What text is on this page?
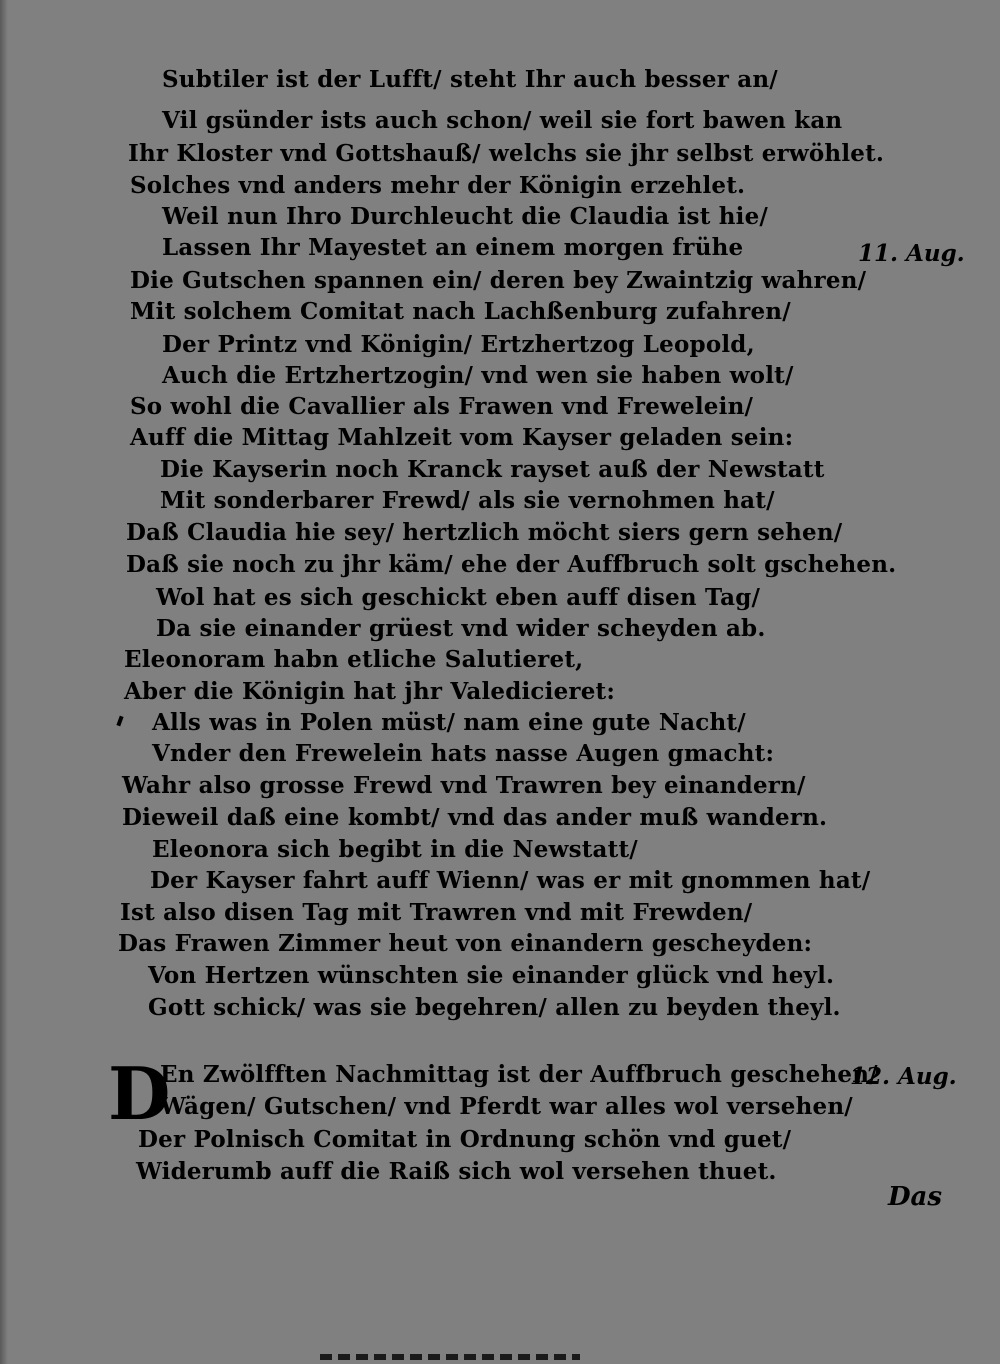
Subtiler ist der Lufft/ steht Ihr auch besser an/
Vil gsünder ists auch schon/ weil sie fort bawen kan
Ihr Kloster vnd Gottshauß/ welchs sie jhr selbst erwöhlet.
Solches vnd anders mehr der Königin erzehlet.
Weil nun Ihro Durchleucht die Claudia ist hie/
Lassen Ihr Mayestet an einem morgen frühe
Die Gutschen spannen ein/ deren bey Zwaintzig wahren/
Mit solchem Comitat nach Lachßenburg zufahren/
Der Printz vnd Königin/ Ertzhertzog Leopold,
Auch die Ertzhertzogin/ vnd wen sie haben wolt/
So wohl die Cavallier als Frawen vnd Frewelein/
Auff die Mittag Mahlzeit vom Kayser geladen sein:
Die Kayserin noch Kranck rayset auß der Newstatt
Mit sonderbarer Frewd/ als sie vernohmen hat/
Daß Claudia hie sey/ hertzlich möcht siers gern sehen/
Daß sie noch zu jhr käm/ ehe der Auffbruch solt gschehen.
Wol hat es sich geschickt eben auff disen Tag/
Da sie einander grüest vnd wider scheyden ab.
Eleonoram habn etliche Salutieret,
Aber die Königin hat jhr Valedicieret:
Alls was in Polen müst/ nam eine gute Nacht/
Vnder den Frewelein hats nasse Augen gmacht:
Wahr also grosse Frewd vnd Trawren bey einandern/
Dieweil daß eine kombt/ vnd das ander muß wandern.
Eleonora sich begibt in die Newstatt/
Der Kayser fahrt auff Wienn/ was er mit gnommen hat/
Ist also disen Tag mit Trawren vnd mit Frewden/
Das Frawen Zimmer heut von einandern gescheyden:
Von Hertzen wünschten sie einander glück vnd heyl.
Gott schick/ was sie begehren/ allen zu beyden theyl.
D
En Zwölfften Nachmittag ist der Auffbruch geschehen/
Wägen/ Gutschen/ vnd Pferdt war alles wol versehen/
Der Polnisch Comitat in Ordnung schön vnd guet/
Widerumb auff die Raiß sich wol versehen thuet.
11. Aug.
12. Aug.
Das
